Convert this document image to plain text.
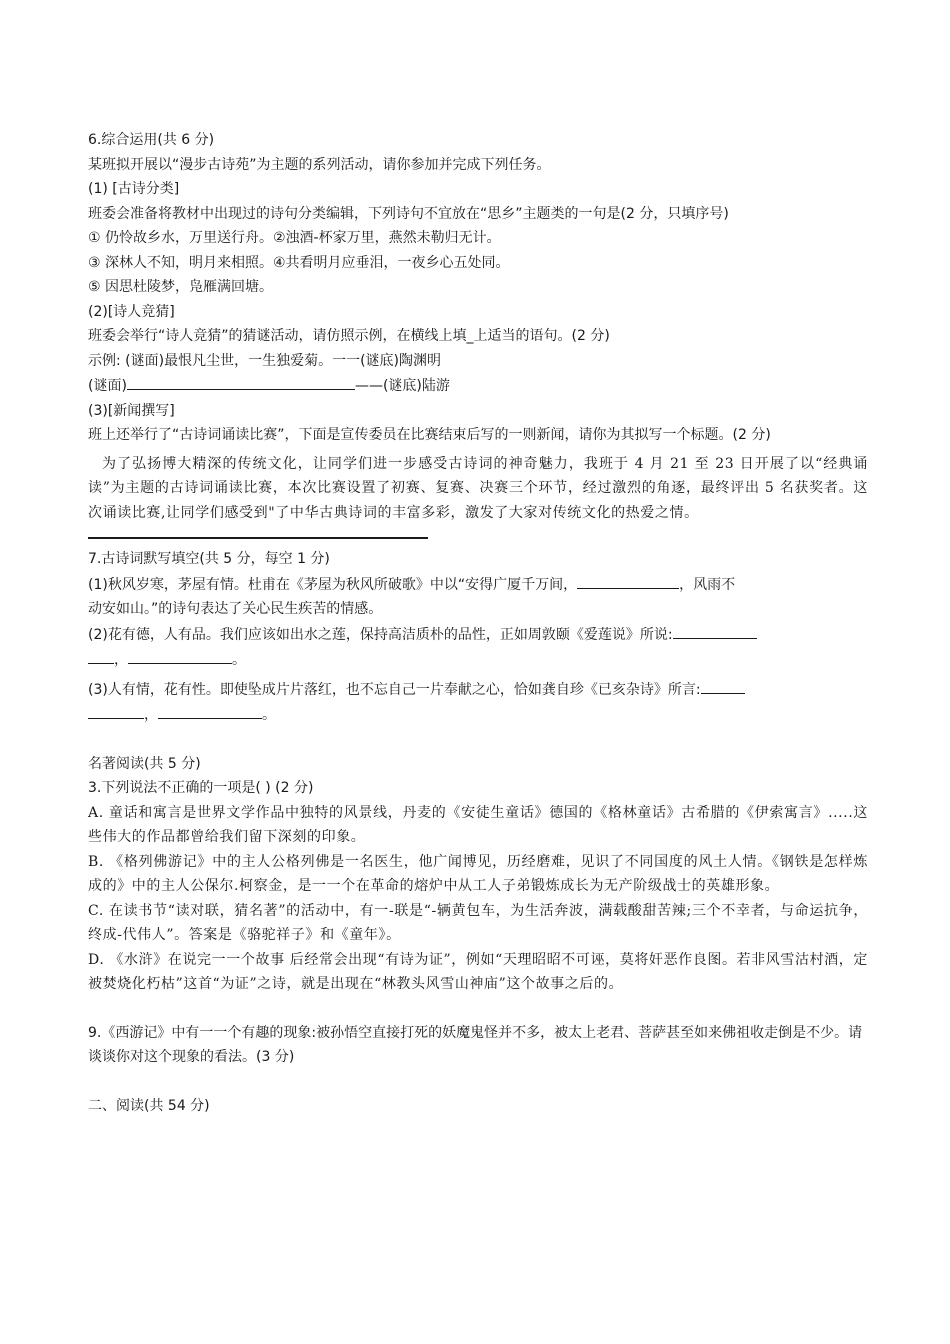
6.综合运用(共 6 分)
某班拟开展以“漫步古诗苑”为主题的系列活动，请你参加并完成下列任务。
(1) [古诗分类]
班委会准备将教材中出现过的诗句分类编辑，下列诗句不宜放在“思乡”主题类的一句是(2 分，只填序号)
① 仍怜故乡水，万里送行舟。②浊酒-杯家万里，燕然未勒归无计。
③ 深林人不知，明月来相照。④共看明月应垂泪，一夜乡心五处同。
⑤ 因思杜陵梦，凫雁满回塘。
(2)[诗人竞猜]
班委会举行“诗人竞猜”的猜谜活动，请仿照示例，在横线上填_上适当的语句。(2 分)
示例: (谜面)最恨凡尘世，一生独爱菊。一一(谜底)陶渊明
(谜面)	——(谜底)陆游
(3)[新闻撰写]
班上还举行了“古诗词诵读比赛”，下面是宣传委员在比赛结束后写的一则新闻，请你为其拟写一个标题。(2 分)
为了弘扬博大精深的传统文化，让同学们进一步感受古诗词的神奇魅力，我班于 4 月 21 至 23 日开展了以“经典诵读”为主题的古诗词诵读比赛，本次比赛设置了初赛、复赛、决赛三个环节，经过激烈的角逐，最终评出 5 名获奖者。这次诵读比赛,让同学们感受到"了中华古典诗词的丰富多彩，激发了大家对传统文化的热爱之情。
7.古诗词默写填空(共 5 分，每空 1 分)
(1)秋风岁寒，茅屋有情。杜甫在《茅屋为秋风所破歌》中以“安得广厦千万间，	，风雨不
动安如山。”的诗句表达了关心民生疾苦的情感。
(2)花有德，人有品。我们应该如出水之莲，保持高洁质朴的品性，正如周敦颐《爱莲说》所说:
，	。
(3)人有情，花有性。即使坠成片片落红，也不忘自己一片奉献之心，恰如龚自珍《已亥杂诗》所言:
，	。
名著阅读(共 5 分)
3.下列说法不正确的一项是( ) (2 分)
A. 童话和寓言是世界文学作品中独特的风景线，丹麦的《安徒生童话》德国的《格林童话》古希腊的《伊索寓言》.....这些伟大的作品都曾给我们留下深刻的印象。
B. 《格列佛游记》中的主人公格列佛是一名医生，他广闻博见，历经磨难，见识了不同国度的风土人情。《钢铁是怎样炼成的》中的主人公保尔.柯察金，是一一个在革命的熔炉中从工人子弟锻炼成长为无产阶级战士的英雄形象。
C. 在读书节“读对联，猜名著”的活动中，有一-联是“-辆黄包车，为生活奔波，满载酸甜苦辣;三个不幸者，与命运抗争，终成-代伟人”。答案是《骆驼祥子》和《童年》。
D. 《水浒》在说完一一个故事 后经常会出现“有诗为证”，例如“天理昭昭不可诬，莫将奸恶作良图。若非风雪沽村酒，定被焚烧化朽枯”这首“为证”之诗，就是出现在“林教头风雪山神庙”这个故事之后的。
9.《西游记》中有一一个有趣的现象:被孙悟空直接打死的妖魔鬼怪并不多，被太上老君、菩萨甚至如来佛祖收走倒是不少。请谈谈你对这个现象的看法。(3 分)
二、阅读(共 54 分)
